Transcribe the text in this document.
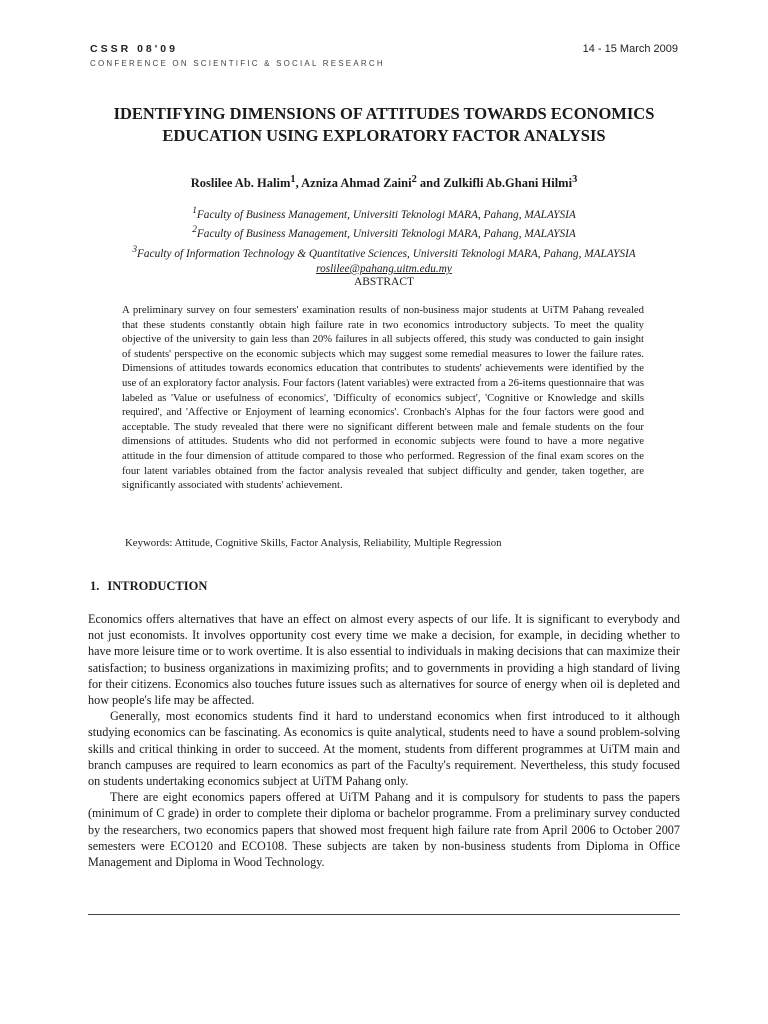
CSSR 08'09
CONFERENCE ON SCIENTIFIC & SOCIAL RESEARCH
14 - 15 March 2009
IDENTIFYING DIMENSIONS OF ATTITUDES TOWARDS ECONOMICS EDUCATION USING EXPLORATORY FACTOR ANALYSIS
Roslilee Ab. Halim$^1$, Azniza Ahmad Zaini$^2$ and Zulkifli Ab.Ghani Hilmi$^3$
$^1$Faculty of Business Management, Universiti Teknologi MARA, Pahang, MALAYSIA
$^2$Faculty of Business Management, Universiti Teknologi MARA, Pahang, MALAYSIA
$^3$Faculty of Information Technology & Quantitative Sciences, Universiti Teknologi MARA, Pahang, MALAYSIA
roslilee@pahang.uitm.edu.my
ABSTRACT
A preliminary survey on four semesters' examination results of non-business major students at UiTM Pahang revealed that these students constantly obtain high failure rate in two economics introductory subjects. To meet the quality objective of the university to gain less than 20% failures in all subjects offered, this study was conducted to gain insight of students' perspective on the economic subjects which may suggest some remedial measures to lower the failure rates. Dimensions of attitudes towards economics education that contributes to students' achievements were identified by the use of an exploratory factor analysis. Four factors (latent variables) were extracted from a 26-items questionnaire that was labeled as 'Value or usefulness of economics', 'Difficulty of economics subject', 'Cognitive or Knowledge and skills required', and 'Affective or Enjoyment of learning economics'. Cronbach's Alphas for the four factors were good and acceptable. The study revealed that there were no significant different between male and female students on the four dimensions of attitudes. Students who did not performed in economic subjects were found to have a more negative attitude in the four dimension of attitude compared to those who performed. Regression of the final exam scores on the four latent variables obtained from the factor analysis revealed that subject difficulty and gender, taken together, are significantly associated with students' achievement.
Keywords: Attitude, Cognitive Skills, Factor Analysis, Reliability, Multiple Regression
1. INTRODUCTION

Economics offers alternatives that have an effect on almost every aspects of our life. It is significant to everybody and not just economists. It involves opportunity cost every time we make a decision, for example, in deciding whether to have more leisure time or to work overtime. It is also essential to individuals in making decisions that can maximize their satisfaction; to business organizations in maximizing profits; and to governments in providing a high standard of living for their citizens. Economics also touches future issues such as alternatives for source of energy when oil is depleted and how people's life may be affected.

Generally, most economics students find it hard to understand economics when first introduced to it although studying economics can be fascinating. As economics is quite analytical, students need to have a sound problem-solving skills and critical thinking in order to succeed. At the moment, students from different programmes at UiTM main and branch campuses are required to learn economics as part of the Faculty's requirement. Nevertheless, this study focused on students undertaking economics subject at UiTM Pahang only.

There are eight economics papers offered at UiTM Pahang and it is compulsory for students to pass the papers (minimum of C grade) in order to complete their diploma or bachelor programme. From a preliminary survey conducted by the researchers, two economics papers that showed most frequent high failure rate from April 2006 to October 2007 semesters were ECO120 and ECO108. These subjects are taken by non-business students from Diploma in Office Management and Diploma in Wood Technology.
